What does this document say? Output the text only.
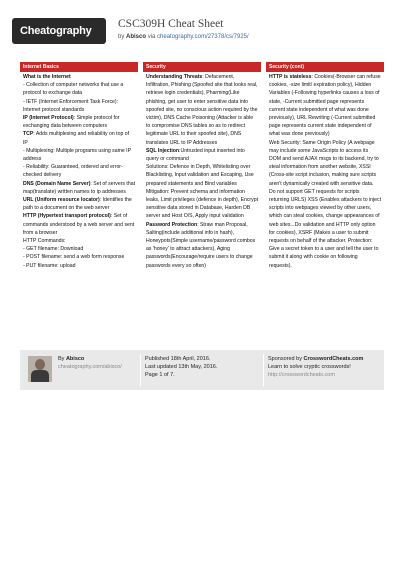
Cheatography
CSC309H Cheat Sheet
by Abisco via cheatography.com/27378/cs/7925/
Internet Basics

What is the Internet

- Collection of computer networks that use a protocol to exchange data

- IETF (Internet Enforcement Task Force): Internet protocol standards

IP (Internet Protocol): Simple protocol for exchanging data between computers

TCP: Adds multiplexing and reliability on top of IP

- Multiplexing: Multiple programs using same IP address

- Reliability: Guaranteed, ordered and error-checked delivery

DNS (Domain Name Server): Set of servers that map(translate) written names to ip addresses

URL (Uniform resource locator): Identifies the path to a document on the web server

HTTP (Hypertext transport protocol): Set of commands understood by a web server and sent from a browser

HTTP Commands:

- GET filename: Download

- POST filename: send a web form response

- PUT filename: upload

Security

Understanding Threats: Defacement, Infiltration, Phishing (Spoofed site that looks real, retrieve login credentials), Pharming(Like phishing, get user to enter sensitive data into spoofed site, no conscious action required by the victim), DNS Cache Poisoning (Attacker is able to compromise DNS tables so as to redirect legitimate URL to their spoofed site), DNS translates URL to IP Addresses

SQL Injection:Untrusted input inserted into query or command

Solutions: Defence in Depth, Whitelisting over Blacklisting, Input validation and Escaping, Use prepared statements and Bind variables

Mitigation: Prevent schema and information leaks, Limit privileges (defence in depth), Encrypt sensitive data stored in Database, Harden DB server and Host O/S, Apply input validation

Password Protection: Straw man Proposal, Salting(include additional info in hash), Honeypots(Simple username/password combos as 'honey' to attract attackers), Aging passwords(Encourage/require users to change passwords every so often)

Security (cont)

HTTP is stateless: Cookies(-Browser can refuse cookies, -size limit/ expiration policy), Hidden Variables (-Following hyperlinks causes a loss of state, -Current submitted page represents current state independent of what was done previously), URL Rewriting (-Current submitted page represents current state independent of what was done previously)

Web Security: Same Origin Policy (A webpage may include some JavaScripts to access its DOM and send AJAX msgs to its backend, try to steal information from another website, XSSI (Cross-site script inclusion, making sure scripts aren't dynamically created with sensitive data. Do not support GET requests for scripts returning URLS) XSS (Enables attackers to inject scripts into webpages viewed by other users, which can steal cookies, change appearances of web sites...Do validation and HTTP only option for cookies), XSRF (Makes a user to submit requests on behalf of the attacker. Protection: Give a secret token to a user and tell the user to submit it along with cookie on following requests).

By Abisco
cheatography.com/abisco/
Published 18th April, 2016.
Last updated 13th May, 2016.
Page 1 of 7.
Sponsored by CrosswordCheats.com
Learn to solve cryptic crosswords!
http://crosswordcheats.com
